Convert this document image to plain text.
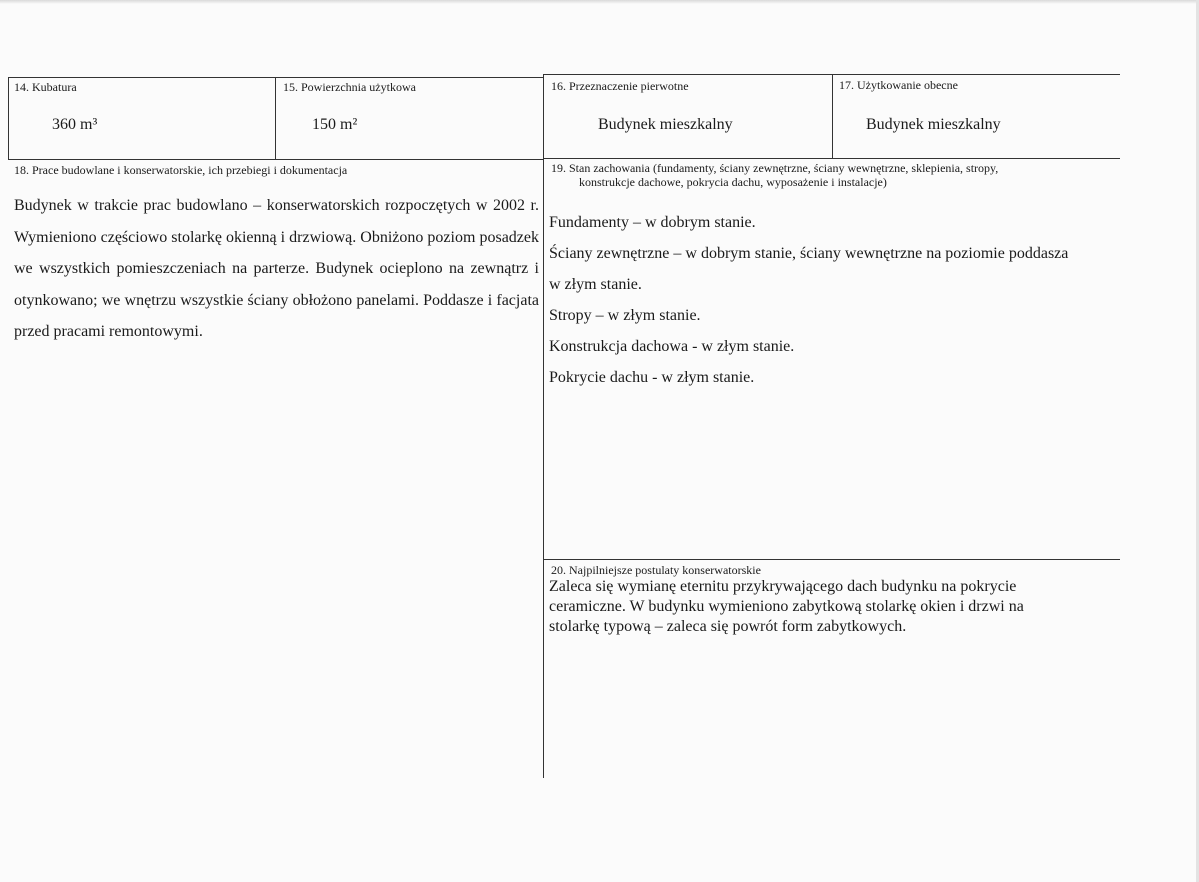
14. Kubatura
360 m³
15. Powierzchnia użytkowa
150 m²
16. Przeznaczenie pierwotne
Budynek mieszkalny
17. Użytkowanie obecne
Budynek mieszkalny
18. Prace budowlane i konserwatorskie, ich przebiegi i dokumentacja

Budynek w trakcie prac budowlano – konserwatorskich rozpoczętych w 2002 r. Wymieniono częściowo stolarkę okienną i drzwiową. Obniżono poziom posadzek we wszystkich pomieszczeniach na parterze. Budynek ocieplono na zewnątrz i otynkowano; we wnętrzu wszystkie ściany obłożono panelami. Poddasze i facjata przed pracami remontowymi.

19. Stan zachowania (fundamenty, ściany zewnętrzne, ściany wewnętrzne, sklepienia, stropy,
konstrukcje dachowe, pokrycia dachu, wyposażenie i instalacje)
Fundamenty – w dobrym stanie.
Ściany zewnętrzne – w dobrym stanie, ściany wewnętrzne na poziomie poddasza
w złym stanie.
Stropy – w złym stanie.
Konstrukcja dachowa - w złym stanie.
Pokrycie dachu - w złym stanie.
20. Najpilniejsze postulaty konserwatorskie
Zaleca się wymianę eternitu przykrywającego dach budynku na pokrycie
ceramiczne. W budynku wymieniono zabytkową stolarkę okien i drzwi na
stolarkę typową – zaleca się powrót form zabytkowych.
